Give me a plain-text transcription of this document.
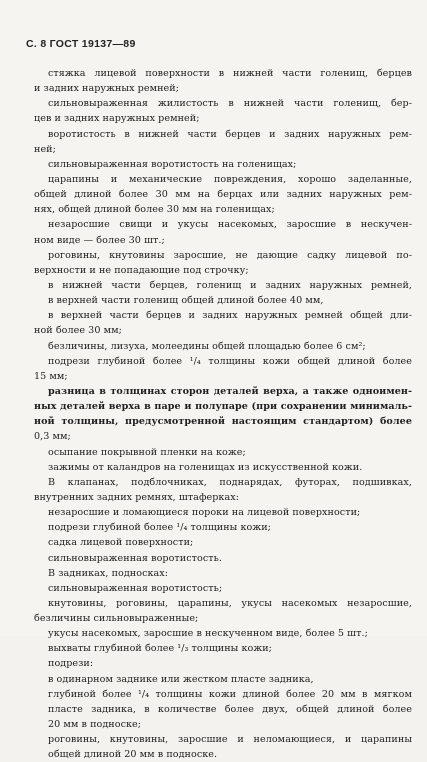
С. 8 ГОСТ 19137—89
стяжка лицевой поверхности в нижней части голенищ, берцев
и задних наружных ремней;
сильновыраженная жилистость в нижней части голенищ, бер-
цев и задних наружных ремней;
воротистость в нижней части берцев и задних наружных рем-
ней;
сильновыраженная воротистость на голенищах;
царапины и механические повреждения, хорошо заделанные,
общей длиной более 30 мм на берцах или задних наружных рем-
нях, общей длиной более 30 мм на голенищах;
незаросшие свищи и укусы насекомых, заросшие в нескучен-
ном виде — более 30 шт.;
роговины, кнутовины заросшие, не дающие садку лицевой по-
верхности и не попадающие под строчку;
в нижней части берцев, голенищ и задних наружных ремней,
в верхней части голенищ общей длиной более 40 мм,
в верхней части берцев и задних наружных ремней общей дли-
ной более 30 мм;
безличины, лизуха, молеедины общей площадью более 6 см²;
подрези глубиной более ¹/₄ толщины кожи общей длиной более
15 мм;
разница в толщинах сторон деталей верха, а также одноимен-
ных деталей верха в паре и полупаре (при сохранении минималь-
ной толщины, предусмотренной настоящим стандартом) более
0,3 мм;
осыпание покрывной пленки на коже;
зажимы от каландров на голенищах из искусственной кожи.
В клапанах, подблочниках, поднарядах, футорах, подшивках,
внутренних задних ремнях, штаферках:
незаросшие и ломающиеся пороки на лицевой поверхности;
подрези глубиной более ¹/₄ толщины кожи;
садка лицевой поверхности;
сильновыраженная воротистость.
В задниках, подносках:
сильновыраженная воротистость;
кнутовины, роговины, царапины, укусы насекомых незаросшие,
безличины сильновыраженные;
укусы насекомых, заросшие в нескученном виде, более 5 шт.;
выхваты глубиной более ¹/₃ толщины кожи;
подрези:
в одинарном заднике или жестком пласте задника,
глубиной более ¹/₄ толщины кожи длиной более 20 мм в мягком
пласте задника, в количестве более двух, общей длиной более
20 мм в подноске;
роговины, кнутовины, заросшие и неломающиеся, и царапины
общей длиной 20 мм в подноске.
